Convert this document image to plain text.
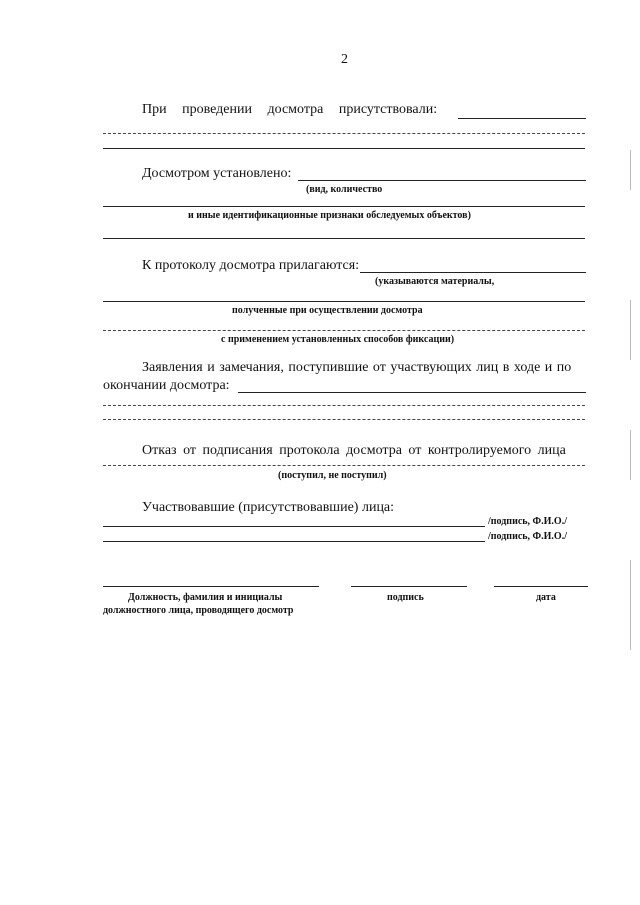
2
При проведении досмотра присутствовали:
Досмотром установлено:
(вид, количество
и иные идентификационные признаки обследуемых объектов)
К протоколу досмотра прилагаются:
(указываются материалы,
полученные при осуществлении досмотра
с применением установленных способов фиксации)
Заявления и замечания, поступившие от участвующих лиц в ходе и по
окончании досмотра:
Отказ от подписания протокола досмотра от контролируемого лица
(поступил, не поступил)
Участвовавшие (присутствовавшие) лица:
/подпись, Ф.И.О./
/подпись, Ф.И.О./
Должность, фамилия и инициалы
должностного лица, проводящего досмотр
подпись	дата
